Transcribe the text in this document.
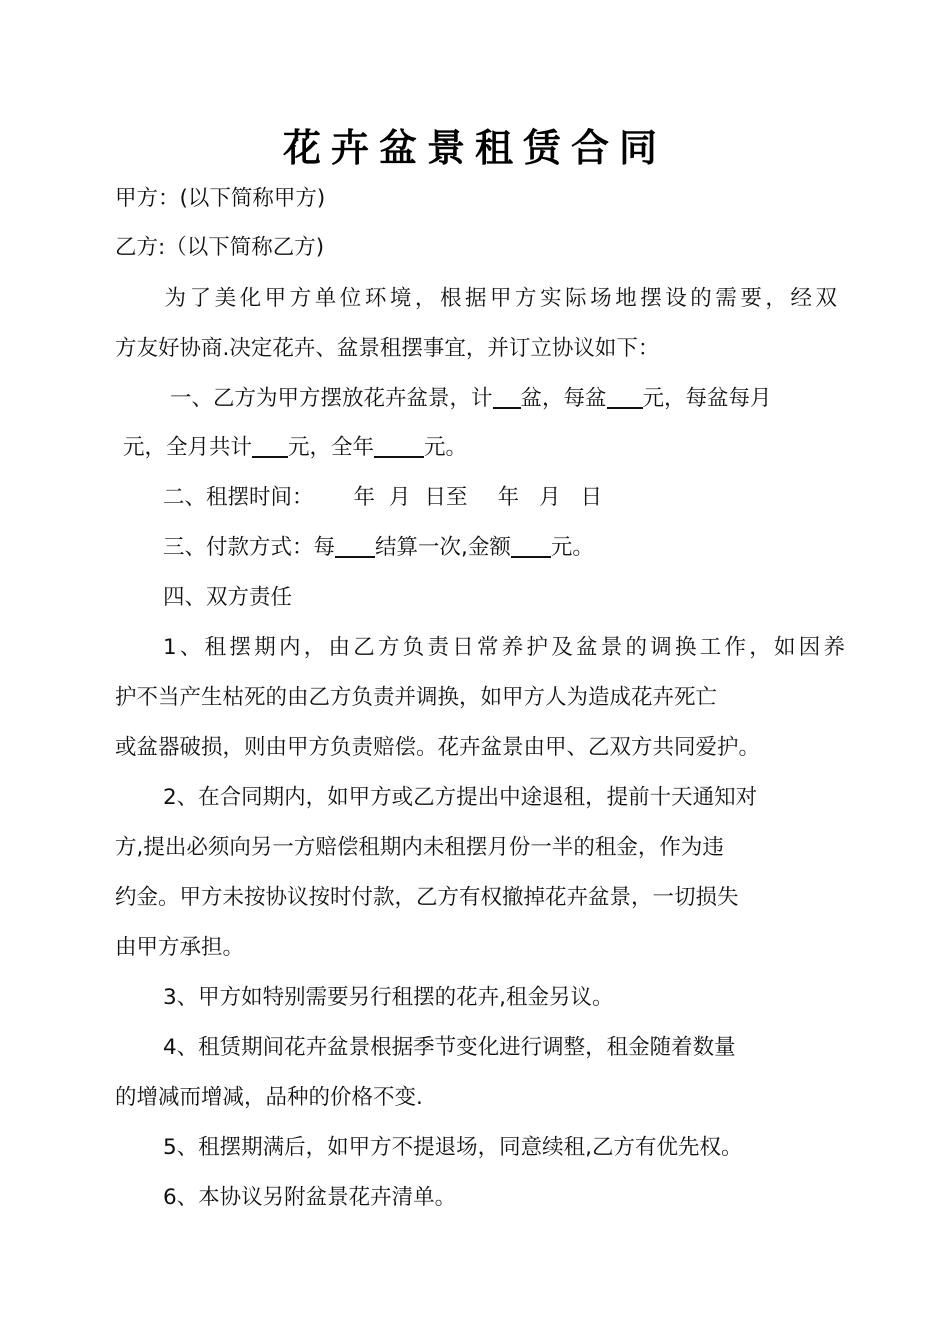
花卉盆景租赁合同
甲方：(以下简称甲方)
乙方:（以下简称乙方)
为了美化甲方单位环境，根据甲方实际场地摆设的需要，经双
方友好协商.决定花卉、盆景租摆事宜，并订立协议如下：
一、乙方为甲方摆放花卉盆景，计 盆，每盆 元，每盆每月
元，全月共计 元，全年 元。
二、租摆时间： 年 月 日至 年 月 日
三、付款方式：每 结算一次,金额 元。
四、双方责任
1、租摆期内，由乙方负责日常养护及盆景的调换工作，如因养
护不当产生枯死的由乙方负责并调换，如甲方人为造成花卉死亡
或盆器破损，则由甲方负责赔偿。花卉盆景由甲、乙双方共同爱护。
2、在合同期内，如甲方或乙方提出中途退租，提前十天通知对
方,提出必须向另一方赔偿租期内未租摆月份一半的租金，作为违
约金。甲方未按协议按时付款，乙方有权撤掉花卉盆景，一切损失
由甲方承担。
3、甲方如特别需要另行租摆的花卉,租金另议。
4、租赁期间花卉盆景根据季节变化进行调整，租金随着数量
的增减而增减，品种的价格不变.
5、租摆期满后，如甲方不提退场，同意续租,乙方有优先权。
6、本协议另附盆景花卉清单。
